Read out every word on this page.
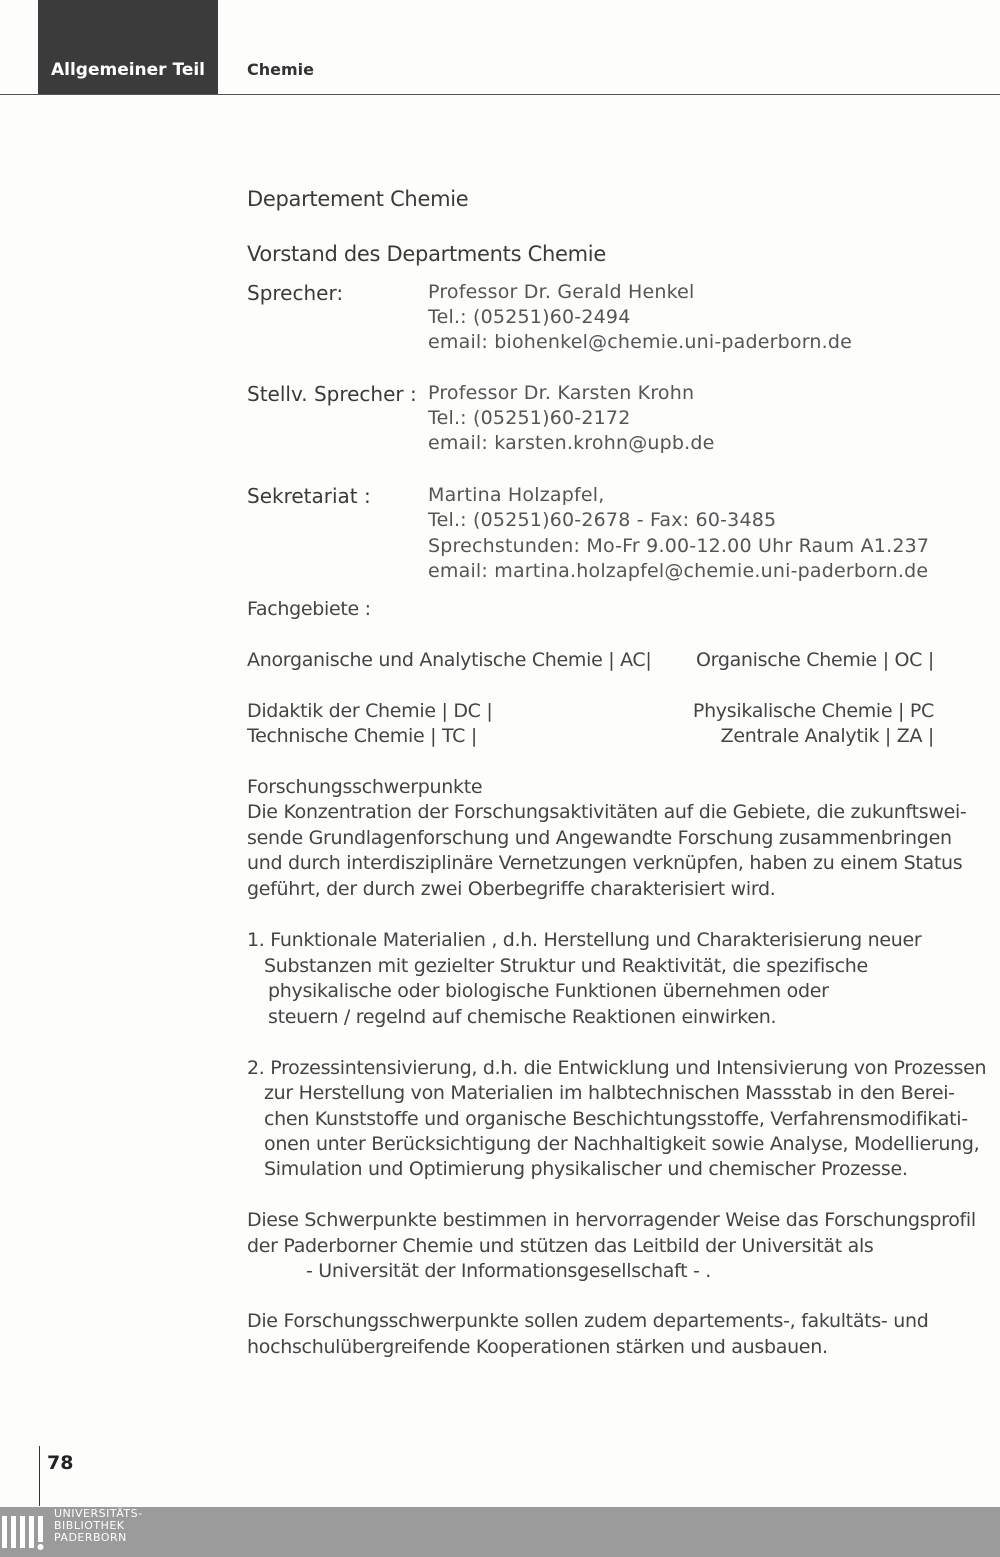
Allgemeiner Teil	Chemie
Departement Chemie
Vorstand des Departments Chemie
Sprecher:	Professor Dr. Gerald Henkel
Tel.: (05251)60-2494
email: biohenkel@chemie.uni-paderborn.de
Stellv. Sprecher : Professor Dr. Karsten Krohn
Tel.: (05251)60-2172
email: karsten.krohn@upb.de
Sekretariat :	Martina Holzapfel,
Tel.: (05251)60-2678 - Fax: 60-3485
Sprechstunden: Mo-Fr 9.00-12.00 Uhr Raum A1.237
email: martina.holzapfel@chemie.uni-paderborn.de
Fachgebiete :
Anorganische und Analytische Chemie | AC| Organische Chemie | OC |
Didaktik der Chemie | DC |	Physikalische Chemie | PC
Technische Chemie | TC |	Zentrale Analytik | ZA |
Forschungsschwerpunkte
Die Konzentration der Forschungsaktivitäten auf die Gebiete, die zukunftswei-
sende Grundlagenforschung und Angewandte Forschung zusammenbringen
und durch interdisziplinäre Vernetzungen verknüpfen, haben zu einem Status
geführt, der durch zwei Oberbegriffe charakterisiert wird.
1. Funktionale Materialien , d.h. Herstellung und Charakterisierung neuer
Substanzen mit gezielter Struktur und Reaktivität, die spezifische
physikalische oder biologische Funktionen übernehmen oder
steuern / regelnd auf chemische Reaktionen einwirken.
2. Prozessintensivierung, d.h. die Entwicklung und Intensivierung von Prozessen
zur Herstellung von Materialien im halbtechnischen Massstab in den Berei-
chen Kunststoffe und organische Beschichtungsstoffe, Verfahrensmodifikati-
onen unter Berücksichtigung der Nachhaltigkeit sowie Analyse, Modellierung,
Simulation und Optimierung physikalischer und chemischer Prozesse.
Diese Schwerpunkte bestimmen in hervorragender Weise das Forschungsprofil
der Paderborner Chemie und stützen das Leitbild der Universität als
- Universität der Informationsgesellschaft - .
Die Forschungsschwerpunkte sollen zudem departements-, fakultäts- und
hochschulübergreifende Kooperationen stärken und ausbauen.
78
UNIVERSITÄTS-
BIBLIOTHEK
PADERBORN
